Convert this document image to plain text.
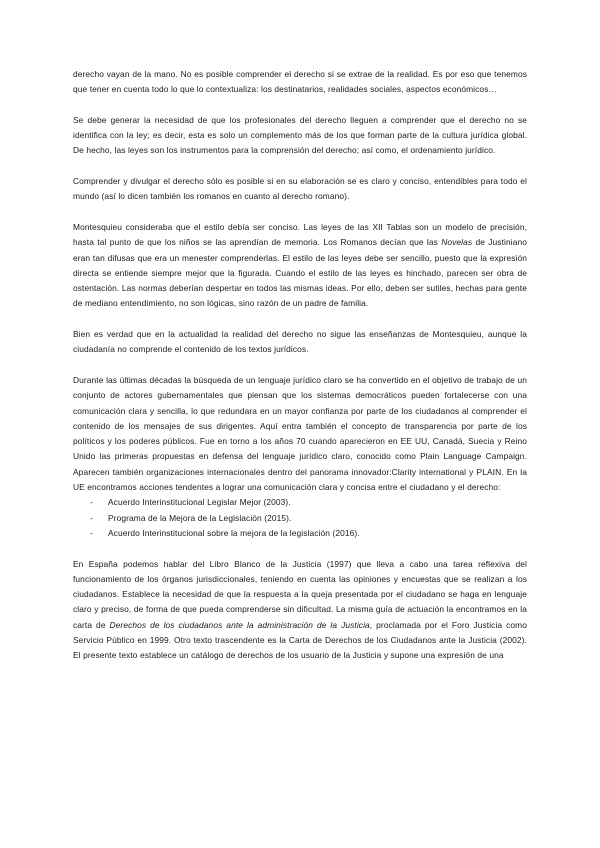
derecho vayan de la mano. No es posible comprender el derecho si se extrae de la realidad. Es por eso que tenemos que tener en cuenta todo lo que lo contextualiza: los destinatarios, realidades sociales, aspectos económicos…

Se debe generar la necesidad de que los profesionales del derecho lleguen a comprender que el derecho no se identifica con la ley; es decir, esta es solo un complemento más de los que forman parte de la cultura jurídica global. De hecho, las leyes son los instrumentos para la comprensión del derecho; así como, el ordenamiento jurídico.

Comprender y divulgar el derecho sólo es posible si en su elaboración se es claro y conciso, entendibles para todo el mundo (así lo dicen también los romanos en cuanto al derecho romano).

Montesquieu consideraba que el estilo debía ser conciso. Las leyes de las XII Tablas son un modelo de precisión, hasta tal punto de que los niños se las aprendían de memoria. Los Romanos decían que las Novelas de Justiniano eran tan difusas que era un menester comprenderlas. El estilo de las leyes debe ser sencillo, puesto que la expresión directa se entiende siempre mejor que la figurada. Cuando el estilo de las leyes es hinchado, parecen ser obra de ostentación. Las normas deberían despertar en todos las mismas ideas. Por ello, deben ser sutiles, hechas para gente de mediano entendimiento, no son lógicas, sino razón de un padre de familia.

Bien es verdad que en la actualidad la realidad del derecho no sigue las enseñanzas de Montesquieu, aunque la ciudadanía no comprende el contenido de los textos jurídicos.

Durante las últimas décadas la búsqueda de un lenguaje jurídico claro se ha convertido en el objetivo de trabajo de un conjunto de actores gubernamentales que piensan que los sistemas democráticos pueden fortalecerse con una comunicación clara y sencilla, lo que redundara en un mayor confianza por parte de los ciudadanos al comprender el contenido de los mensajes de sus dirigentes. Aquí entra también el concepto de transparencia por parte de los políticos y los poderes públicos. Fue en torno a los años 70 cuando aparecieron en EE UU, Canadá, Suecia y Reino Unido las primeras propuestas en defensa del lenguaje jurídico claro, conocido como Plain Language Campaign. Aparecen también organizaciones internacionales dentro del panorama innovador:Clarity international y PLAIN. En la UE encontramos acciones tendentes a lograr una comunicación clara y concisa entre el ciudadano y el derecho:

- Acuerdo Interinstitucional Legislar Mejor (2003).
- Programa de la Mejora de la Legislación (2015).
- Acuerdo Interinstitucional sobre la mejora de la legislación (2016).

En España podemos hablar del Libro Blanco de la Justicia (1997) que lleva a cabo una tarea reflexiva del funcionamiento de los órganos jurisdiccionales, teniendo en cuenta las opiniones y encuestas que se realizan a los ciudadanos. Establece la necesidad de que la respuesta a la queja presentada por el ciudadano se haga en lenguaje claro y preciso, de forma de que pueda comprenderse sin dificultad. La misma guía de actuación la encontramos en la carta de Derechos de los ciudadanos ante la administración de la Justicia, proclamada por el Foro Justicia como Servicio Público en 1999. Otro texto trascendente es la Carta de Derechos de los Ciudadanos ante la Justicia (2002). El presente texto establece un catálogo de derechos de los usuario de la Justicia y supone una expresión de una
